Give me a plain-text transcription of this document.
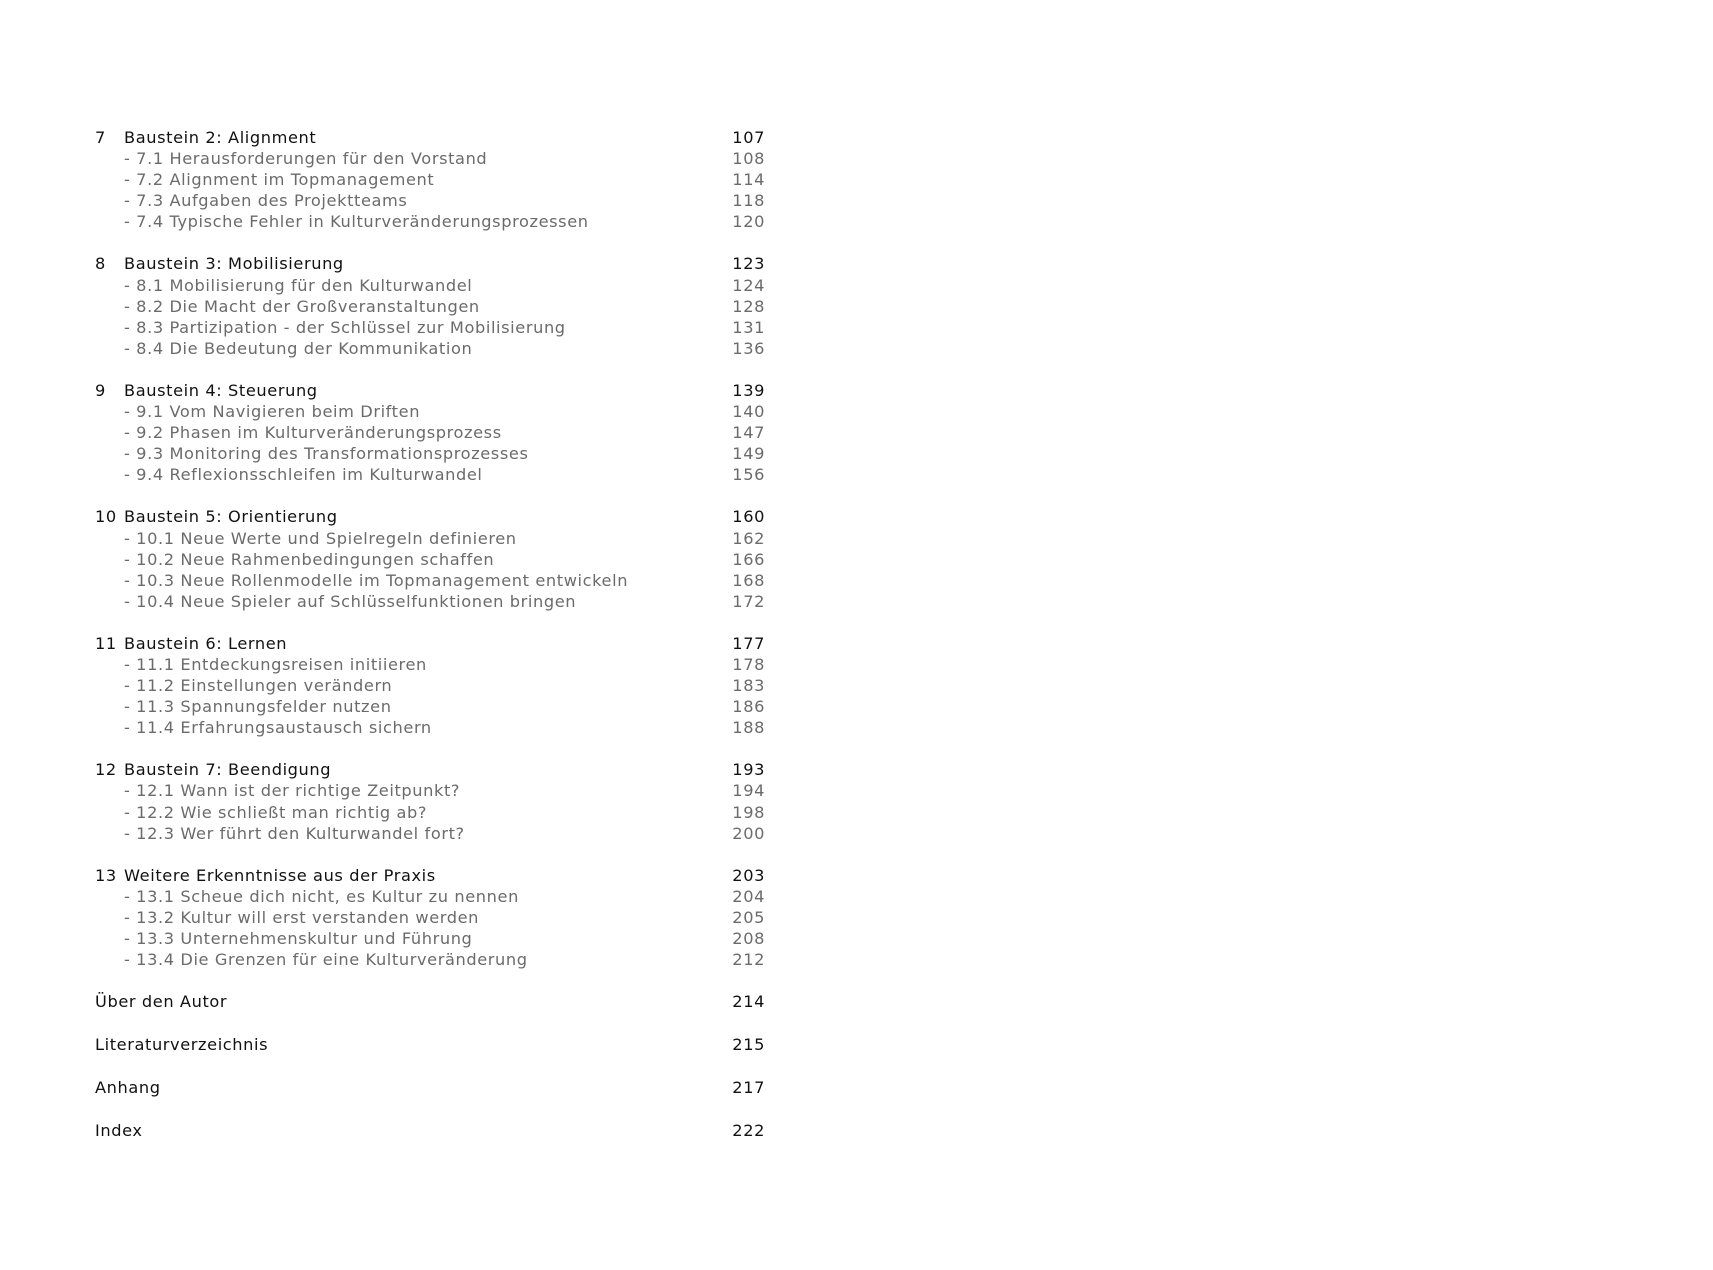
7	Baustein 2: Alignment	107
- 7.1 Herausforderungen für den Vorstand	108
- 7.2 Alignment im Topmanagement	114
- 7.3 Aufgaben des Projektteams	118
- 7.4 Typische Fehler in Kulturveränderungsprozessen	120
8	Baustein 3: Mobilisierung	123
- 8.1 Mobilisierung für den Kulturwandel	124
- 8.2 Die Macht der Großveranstaltungen	128
- 8.3 Partizipation - der Schlüssel zur Mobilisierung	131
- 8.4 Die Bedeutung der Kommunikation	136
9	Baustein 4: Steuerung	139
- 9.1 Vom Navigieren beim Driften	140
- 9.2 Phasen im Kulturveränderungsprozess	147
- 9.3 Monitoring des Transformationsprozesses	149
- 9.4 Reflexionsschleifen im Kulturwandel	156
10 Baustein 5: Orientierung	160
- 10.1 Neue Werte und Spielregeln definieren	162
- 10.2 Neue Rahmenbedingungen schaffen	166
- 10.3 Neue Rollenmodelle im Topmanagement entwickeln	168
- 10.4 Neue Spieler auf Schlüsselfunktionen bringen	172
11 Baustein 6: Lernen	177
- 11.1 Entdeckungsreisen initiieren	178
- 11.2 Einstellungen verändern	183
- 11.3 Spannungsfelder nutzen	186
- 11.4 Erfahrungsaustausch sichern	188
12 Baustein 7: Beendigung	193
- 12.1 Wann ist der richtige Zeitpunkt?	194
- 12.2 Wie schließt man richtig ab?	198
- 12.3 Wer führt den Kulturwandel fort?	200
13 Weitere Erkenntnisse aus der Praxis	203
- 13.1 Scheue dich nicht, es Kultur zu nennen	204
- 13.2 Kultur will erst verstanden werden	205
- 13.3 Unternehmenskultur und Führung	208
- 13.4 Die Grenzen für eine Kulturveränderung	212
Über den Autor	214
Literaturverzeichnis	215
Anhang	217
Index	222
